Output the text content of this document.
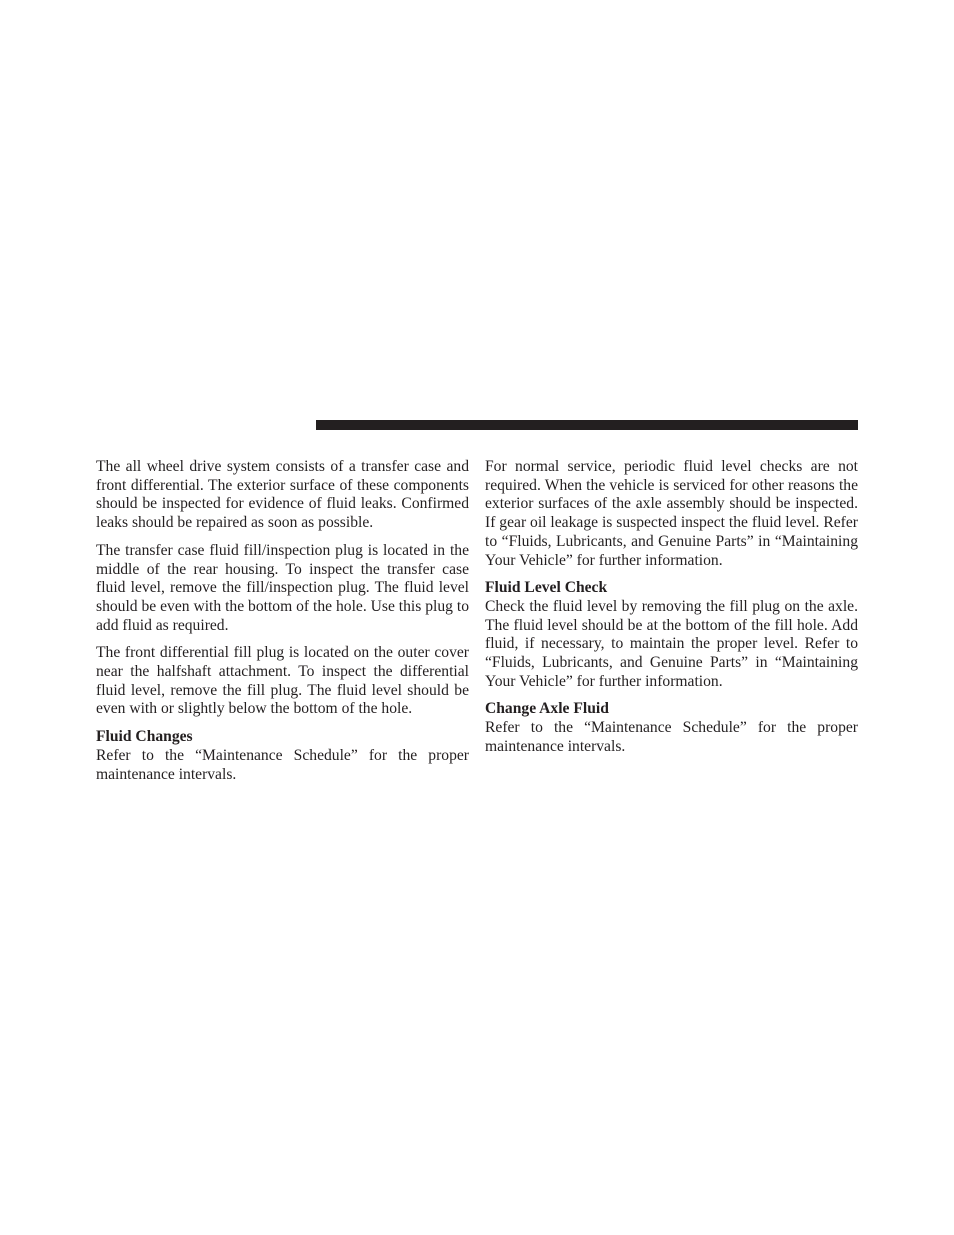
The all wheel drive system consists of a transfer case and front differential. The exterior surface of these components should be inspected for evidence of fluid leaks. Confirmed leaks should be repaired as soon as possible.

The transfer case fluid fill/inspection plug is located in the middle of the rear housing. To inspect the transfer case fluid level, remove the fill/inspection plug. The fluid level should be even with the bottom of the hole. Use this plug to add fluid as required.

The front differential fill plug is located on the outer cover near the halfshaft attachment. To inspect the differential fluid level, remove the fill plug. The fluid level should be even with or slightly below the bottom of the hole.

Fluid Changes

Refer to the “Maintenance Schedule” for the proper maintenance intervals.

For normal service, periodic fluid level checks are not required. When the vehicle is serviced for other reasons the exterior surfaces of the axle assembly should be inspected. If gear oil leakage is suspected inspect the fluid level. Refer to “Fluids, Lubricants, and Genuine Parts” in “Maintaining Your Vehicle” for further information.

Fluid Level Check

Check the fluid level by removing the fill plug on the axle. The fluid level should be at the bottom of the fill hole. Add fluid, if necessary, to maintain the proper level. Refer to “Fluids, Lubricants, and Genuine Parts” in “Maintaining Your Vehicle” for further information.

Change Axle Fluid

Refer to the “Maintenance Schedule” for the proper maintenance intervals.
